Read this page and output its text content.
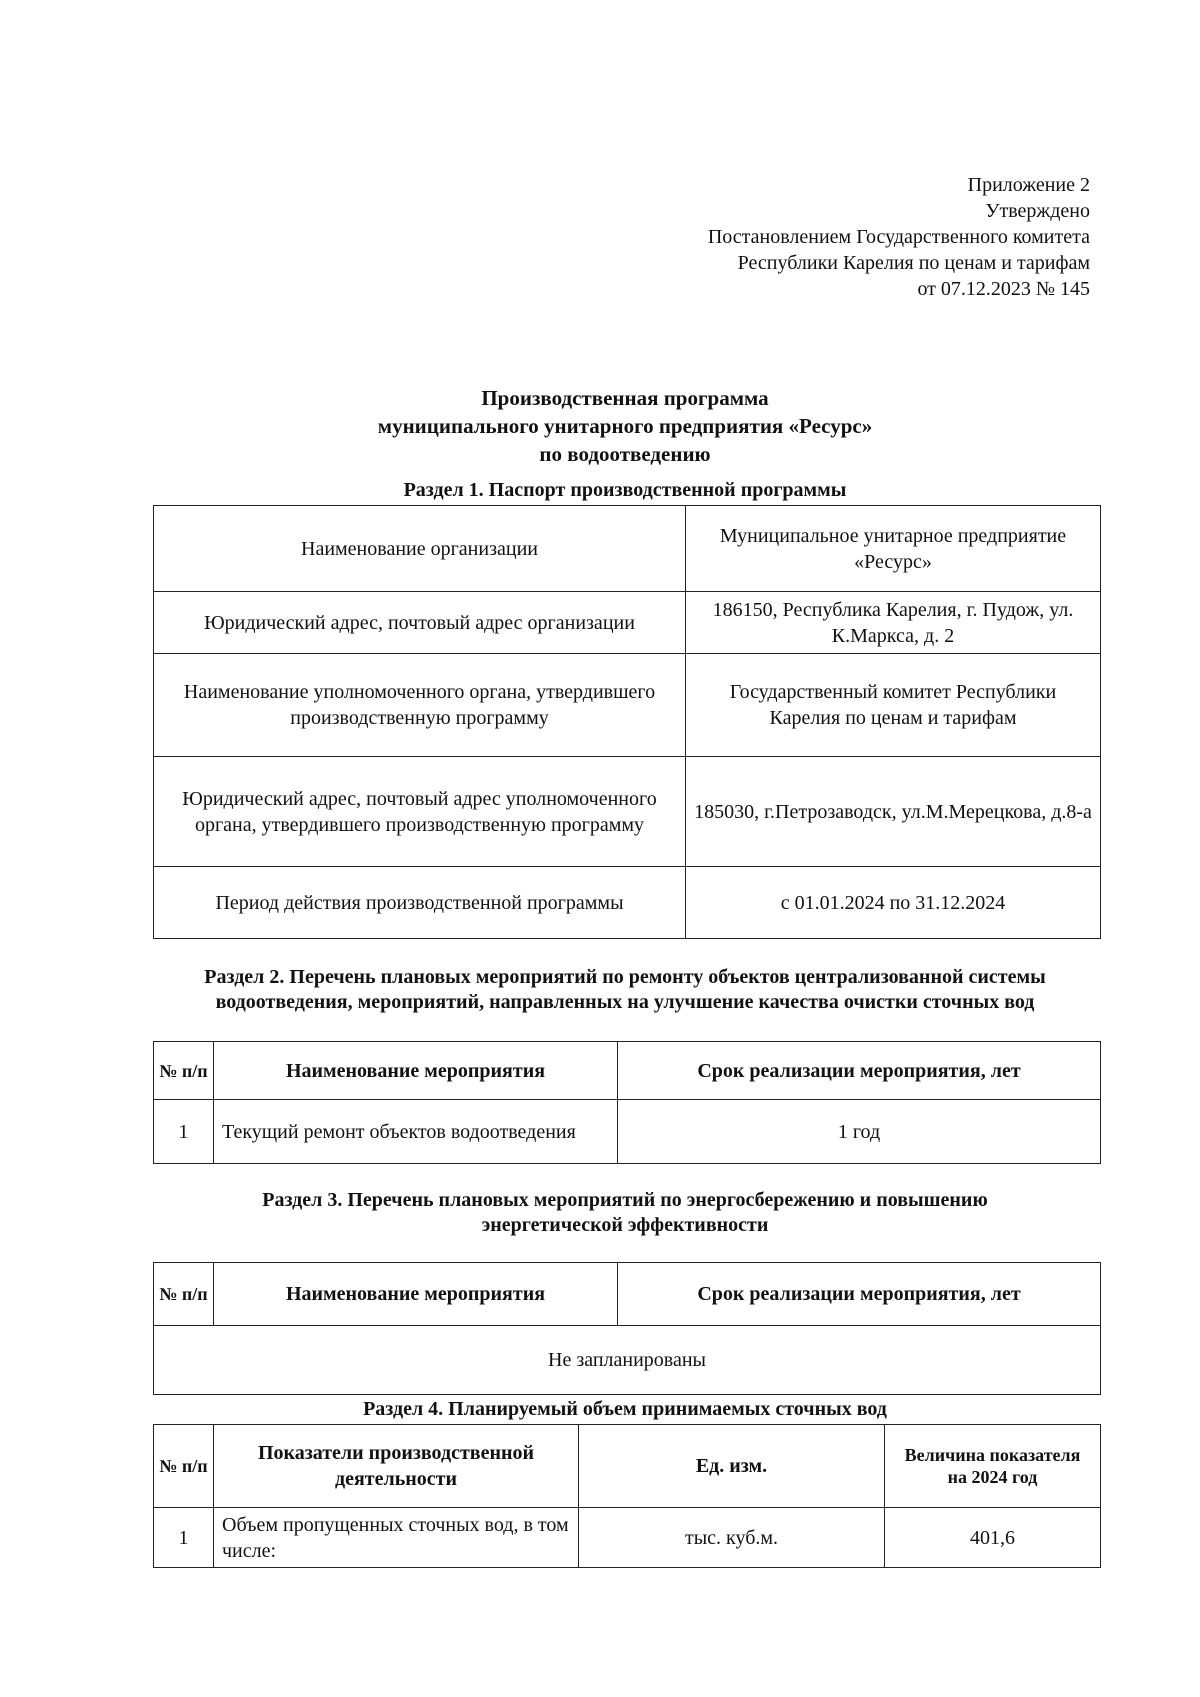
Приложение 2
Утверждено
Постановлением Государственного комитета
Республики Карелия по ценам и тарифам
от 07.12.2023 № 145
Производственная программа
муниципального унитарного предприятия «Ресурс»
по водоотведению
Раздел 1. Паспорт производственной программы
Наименование организации	Муниципальное унитарное предприятие «Ресурс»
Юридический адрес, почтовый адрес организации	186150, Республика Карелия, г. Пудож, ул. К.Маркса, д. 2
Наименование уполномоченного органа, утвердившего производственную программу	Государственный комитет Республики Карелия по ценам и тарифам
Юридический адрес, почтовый адрес уполномоченного органа, утвердившего производственную программу	185030, г.Петрозаводск, ул.М.Мерецкова, д.8-а
Период действия производственной программы	с 01.01.2024 по 31.12.2024
Раздел 2. Перечень плановых мероприятий по ремонту объектов централизованной системы водоотведения, мероприятий, направленных на улучшение качества очистки сточных вод
№ п/п	Наименование мероприятия	Срок реализации мероприятия, лет
1	Текущий ремонт объектов водоотведения	1 год
Раздел 3. Перечень плановых мероприятий по энергосбережению и повышению энергетической эффективности
№ п/п	Наименование мероприятия	Срок реализации мероприятия, лет
Не запланированы
Раздел 4. Планируемый объем принимаемых сточных вод
№ п/п	Показатели производственной деятельности	Ед. изм.	Величина показателя на 2024 год
1	Объем пропущенных сточных вод, в том числе:	тыс. куб.м.	401,6
